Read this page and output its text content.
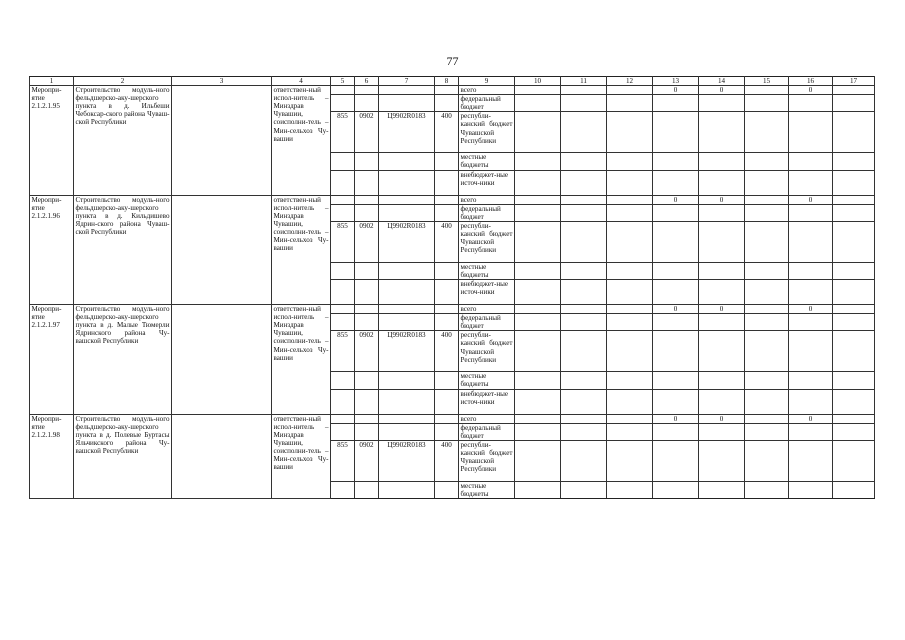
77
1	2	3	4	5	6	7	8	9	10	11	12	13	14	15	16	17
Меропри-ятие 2.1.2.1.95	Строительство модуль-ного фельдшерско-аку-шерского пункта в д. Ильбеши Чебоксар-ского района Чуваш-ской Республики		ответствен-ный испол-нитель – Минздрав Чувашии, соисполни-тель – Мин-сельхоз Чу-вашии					всего				0	0		0	
								федеральный бюджет								
				855	0902	Ц9902R0183	400	республи-канский бюджет Чувашской Республики								
								местные бюджеты								
								внебюджет-ные источ-ники								
Меропри-ятие 2.1.2.1.96	Строительство модуль-ного фельдшерско-аку-шерского пункта в д. Кильдишево Ядрин-ского района Чуваш-ской Республики		ответствен-ный испол-нитель – Минздрав Чувашии, соисполни-тель – Мин-сельхоз Чу-вашии					всего				0	0		0	
								федеральный бюджет								
				855	0902	Ц9902R0183	400	республи-канский бюджет Чувашской Республики								
								местные бюджеты								
								внебюджет-ные источ-ники								
Меропри-ятие 2.1.2.1.97	Строительство модуль-ного фельдшерско-аку-шерского пункта в д. Малые Тюмерли Ядринского района Чу-вашской Республики		ответствен-ный испол-нитель – Минздрав Чувашии, соисполни-тель – Мин-сельхоз Чу-вашии					всего				0	0		0	
								федеральный бюджет								
				855	0902	Ц9902R0183	400	республи-канский бюджет Чувашской Республики								
								местные бюджеты								
								внебюджет-ные источ-ники								
Меропри-ятие 2.1.2.1.98	Строительство модуль-ного фельдшерско-аку-шерского пункта в д. Полевые Буртасы Яльчикского района Чу-вашской Республики		ответствен-ный испол-нитель – Минздрав Чувашии, соисполни-тель – Мин-сельхоз Чу-вашии					всего				0	0		0	
								федеральный бюджет								
				855	0902	Ц9902R0183	400	республи-канский бюджет Чувашской Республики								
								местные бюджеты								
